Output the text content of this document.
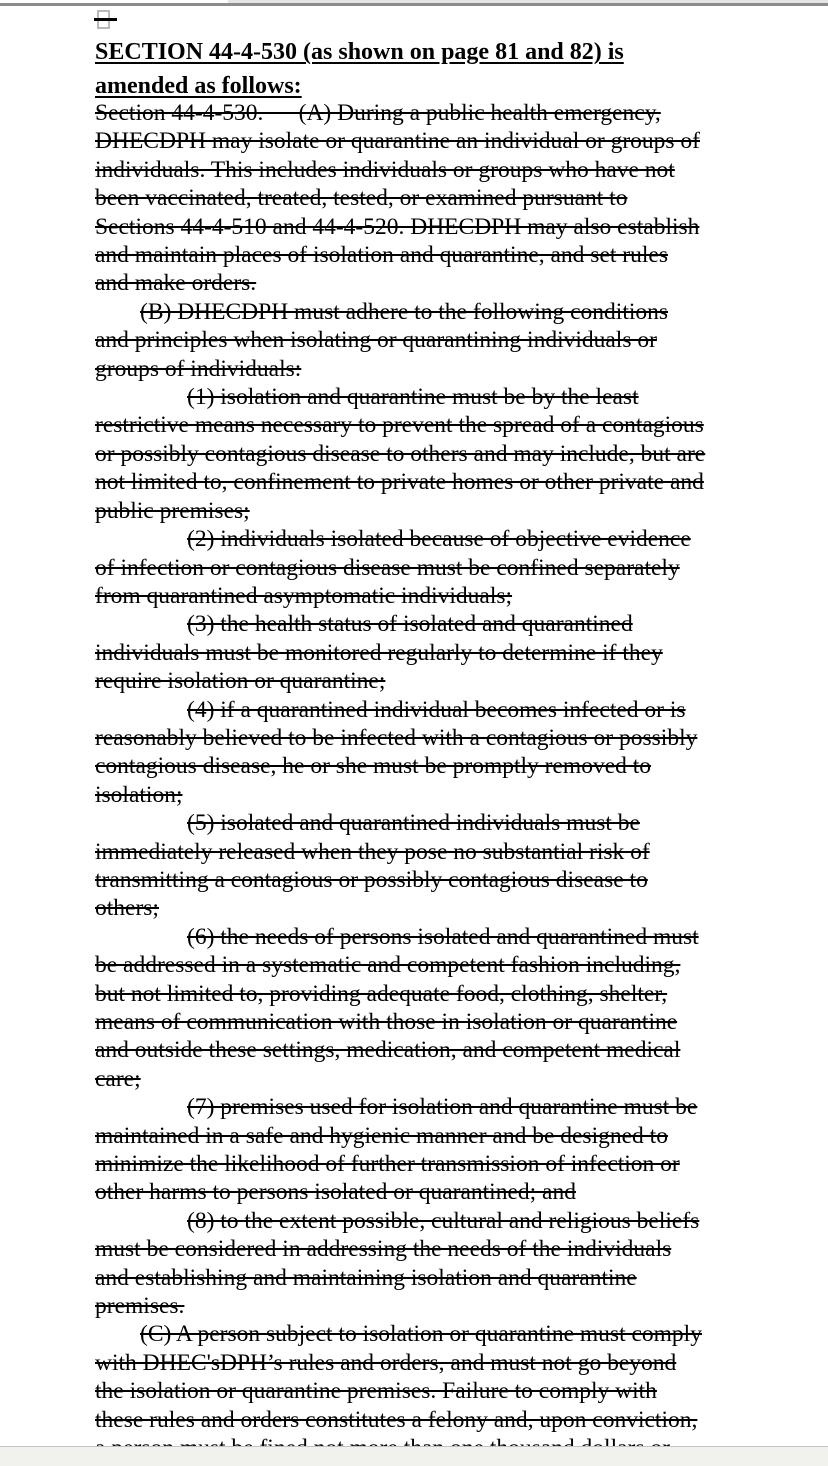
SECTION 44-4-530 (as shown on page 81 and 82) is
amended as follows:
Section 44-4-530.      (A) During a public health emergency,
DHECDPH may isolate or quarantine an individual or groups of
individuals. This includes individuals or groups who have not
been vaccinated, treated, tested, or examined pursuant to
Sections 44-4-510 and 44-4-520. DHECDPH may also establish
and maintain places of isolation and quarantine, and set rules
and make orders.
(B) DHECDPH must adhere to the following conditions
and principles when isolating or quarantining individuals or
groups of individuals:
(1) isolation and quarantine must be by the least
restrictive means necessary to prevent the spread of a contagious
or possibly contagious disease to others and may include, but are
not limited to, confinement to private homes or other private and
public premises;
(2) individuals isolated because of objective evidence
of infection or contagious disease must be confined separately
from quarantined asymptomatic individuals;
(3) the health status of isolated and quarantined
individuals must be monitored regularly to determine if they
require isolation or quarantine;
(4) if a quarantined individual becomes infected or is
reasonably believed to be infected with a contagious or possibly
contagious disease, he or she must be promptly removed to
isolation;
(5) isolated and quarantined individuals must be
immediately released when they pose no substantial risk of
transmitting a contagious or possibly contagious disease to
others;
(6) the needs of persons isolated and quarantined must
be addressed in a systematic and competent fashion including,
but not limited to, providing adequate food, clothing, shelter,
means of communication with those in isolation or quarantine
and outside these settings, medication, and competent medical
care;
(7) premises used for isolation and quarantine must be
maintained in a safe and hygienic manner and be designed to
minimize the likelihood of further transmission of infection or
other harms to persons isolated or quarantined; and
(8) to the extent possible, cultural and religious beliefs
must be considered in addressing the needs of the individuals
and establishing and maintaining isolation and quarantine
premises.
(C) A person subject to isolation or quarantine must comply
with DHEC'sDPH’s rules and orders, and must not go beyond
the isolation or quarantine premises. Failure to comply with
these rules and orders constitutes a felony and, upon conviction,
